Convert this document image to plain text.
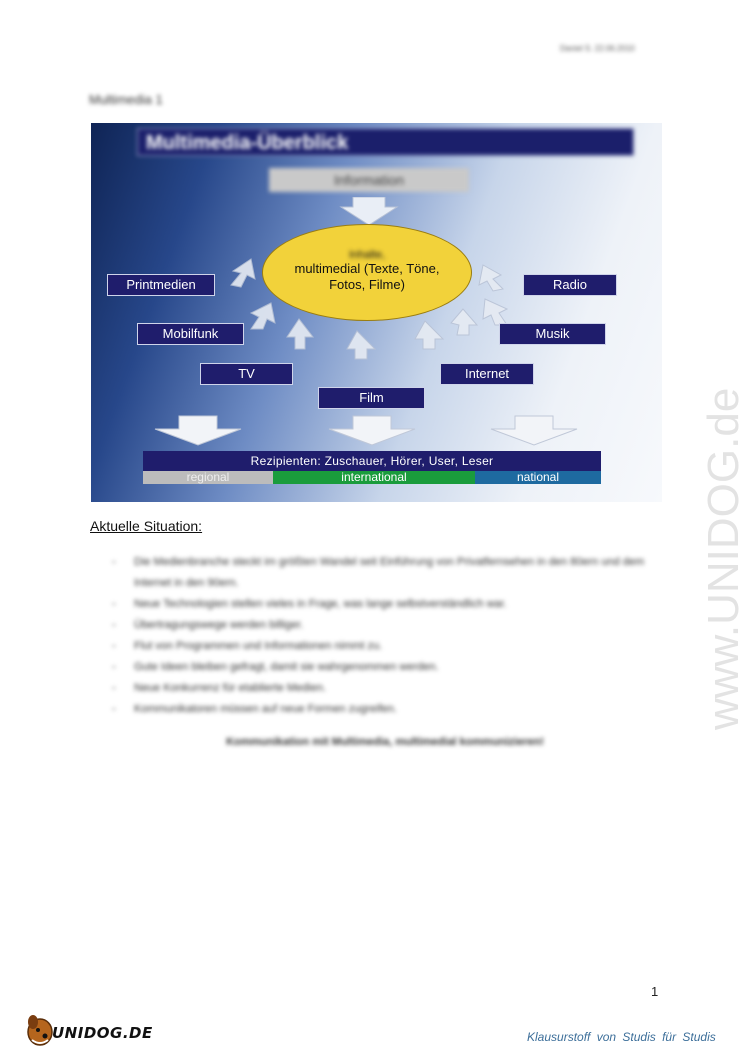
Daniel S. 22.06.2010
Multimedia 1
Multimedia-Überblick
Information
Inhalte,
multimedial (Texte, Töne,
Fotos, Filme)
Printmedien	Radio
Mobilfunk	Musik
TV	Internet
Film
Rezipienten: Zuschauer, Hörer, User, Leser
regional	international	national
Aktuelle Situation:
- Die Medienbranche steckt im größten Wandel seit Einführung von Privatfernsehen in den 80ern und dem Internet in den 90ern.
- Neue Technologien stellen vieles in Frage, was lange selbstverständlich war.
- Übertragungswege werden billiger.
- Flut von Programmen und Informationen nimmt zu.
- Gute Ideen bleiben gefragt, damit sie wahrgenommen werden.
- Neue Konkurrenz für etablierte Medien.
- Kommunikatoren müssen auf neue Formen zugreifen.
Kommunikation mit Multimedia, multimedial kommunizieren!
www.UNIDOG.de
1
UNIDOG.DE	Klausurstoff von Studis für Studis
